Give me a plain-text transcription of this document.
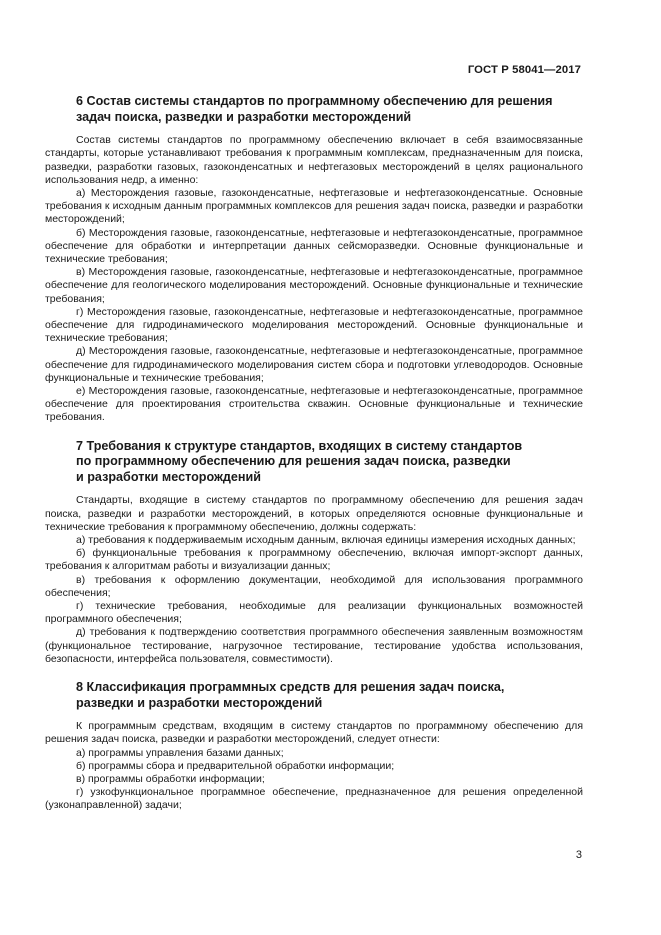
ГОСТ Р 58041—2017

6 Состав системы стандартов по программному обеспечению для решения задач поиска, разведки и разработки месторождений

Состав системы стандартов по программному обеспечению включает в себя взаимосвязанные стандарты, которые устанавливают требования к программным комплексам, предназначенным для поиска, разведки, разработки газовых, газоконденсатных и нефтегазовых месторождений в целях рационального использования недр, а именно:

а) Месторождения газовые, газоконденсатные, нефтегазовые и нефтегазоконденсатные. Основные требования к исходным данным программных комплексов для решения задач поиска, разведки и разработки месторождений;

б) Месторождения газовые, газоконденсатные, нефтегазовые и нефтегазоконденсатные, программное обеспечение для обработки и интерпретации данных сейсморазведки. Основные функциональные и технические требования;

в) Месторождения газовые, газоконденсатные, нефтегазовые и нефтегазоконденсатные, программное обеспечение для геологического моделирования месторождений. Основные функциональные и технические требования;

г) Месторождения газовые, газоконденсатные, нефтегазовые и нефтегазоконденсатные, программное обеспечение для гидродинамического моделирования месторождений. Основные функциональные и технические требования;

д) Месторождения газовые, газоконденсатные, нефтегазовые и нефтегазоконденсатные, программное обеспечение для гидродинамического моделирования систем сбора и подготовки углеводородов. Основные функциональные и технические требования;

е) Месторождения газовые, газоконденсатные, нефтегазовые и нефтегазоконденсатные, программное обеспечение для проектирования строительства скважин. Основные функциональные и технические требования.

7 Требования к структуре стандартов, входящих в систему стандартов

по программному обеспечению для решения задач поиска, разведки

и разработки месторождений

Стандарты, входящие в систему стандартов по программному обеспечению для решения задач поиска, разведки и разработки месторождений, в которых определяются основные функциональные и технические требования к программному обеспечению, должны содержать:

а) требования к поддерживаемым исходным данным, включая единицы измерения исходных данных;

б) функциональные требования к программному обеспечению, включая импорт-экспорт данных, требования к алгоритмам работы и визуализации данных;

в) требования к оформлению документации, необходимой для использования программного обеспечения;

г) технические требования, необходимые для реализации функциональных возможностей программного обеспечения;

д) требования к подтверждению соответствия программного обеспечения заявленным возможностям (функциональное тестирование, нагрузочное тестирование, тестирование удобства использования, безопасности, интерфейса пользователя, совместимости).

8 Классификация программных средств для решения задач поиска,

разведки и разработки месторождений

К программным средствам, входящим в систему стандартов по программному обеспечению для решения задач поиска, разведки и разработки месторождений, следует отнести:

а) программы управления базами данных;

б) программы сбора и предварительной обработки информации;

в) программы обработки информации;

г) узкофункциональное программное обеспечение, предназначенное для решения определенной (узконаправленной) задачи;

3
